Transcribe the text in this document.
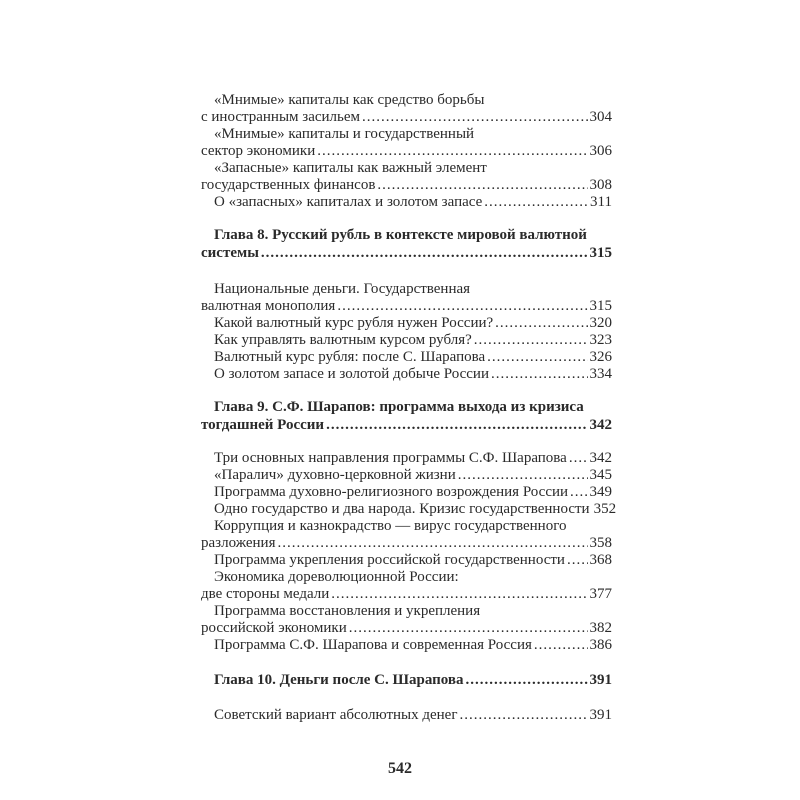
«Мнимые» капиталы как средство борьбы
с иностранным засильем .....	304
«Мнимые» капиталы и государственный
сектор экономики .....	306
«Запасные» капиталы как важный элемент
государственных финансов .....	308
О «запасных» капиталах и золотом запасе .....	311
Глава 8. Русский рубль в контексте мировой валютной
системы .....	315
Национальные деньги. Государственная
валютная монополия .....	315
Какой валютный курс рубля нужен России? .....	320
Как управлять валютным курсом рубля? .....	323
Валютный курс рубля: после С. Шарапова .....	326
О золотом запасе и золотой добыче России .....	334
Глава 9. С.Ф. Шарапов: программа выхода из кризиса
тогдашней России .....	342
Три основных направления программы С.Ф. Шарапова ..... 342
«Паралич» духовно-церковной жизни .....	345
Программа духовно-религиозного возрождения России ..... 349
Одно государство и два народа. Кризис государственности 352
Коррупция и казнокрадство — вирус государственного
разложения .....	358
Программа укрепления российской государственности ..... 368
Экономика дореволюционной России:
две стороны медали .....	377
Программа восстановления и укрепления
российской экономики .....	382
Программа С.Ф. Шарапова и современная Россия .....	386
Глава 10. Деньги после С. Шарапова .....	391
Советский вариант абсолютных денег .....	391
542
